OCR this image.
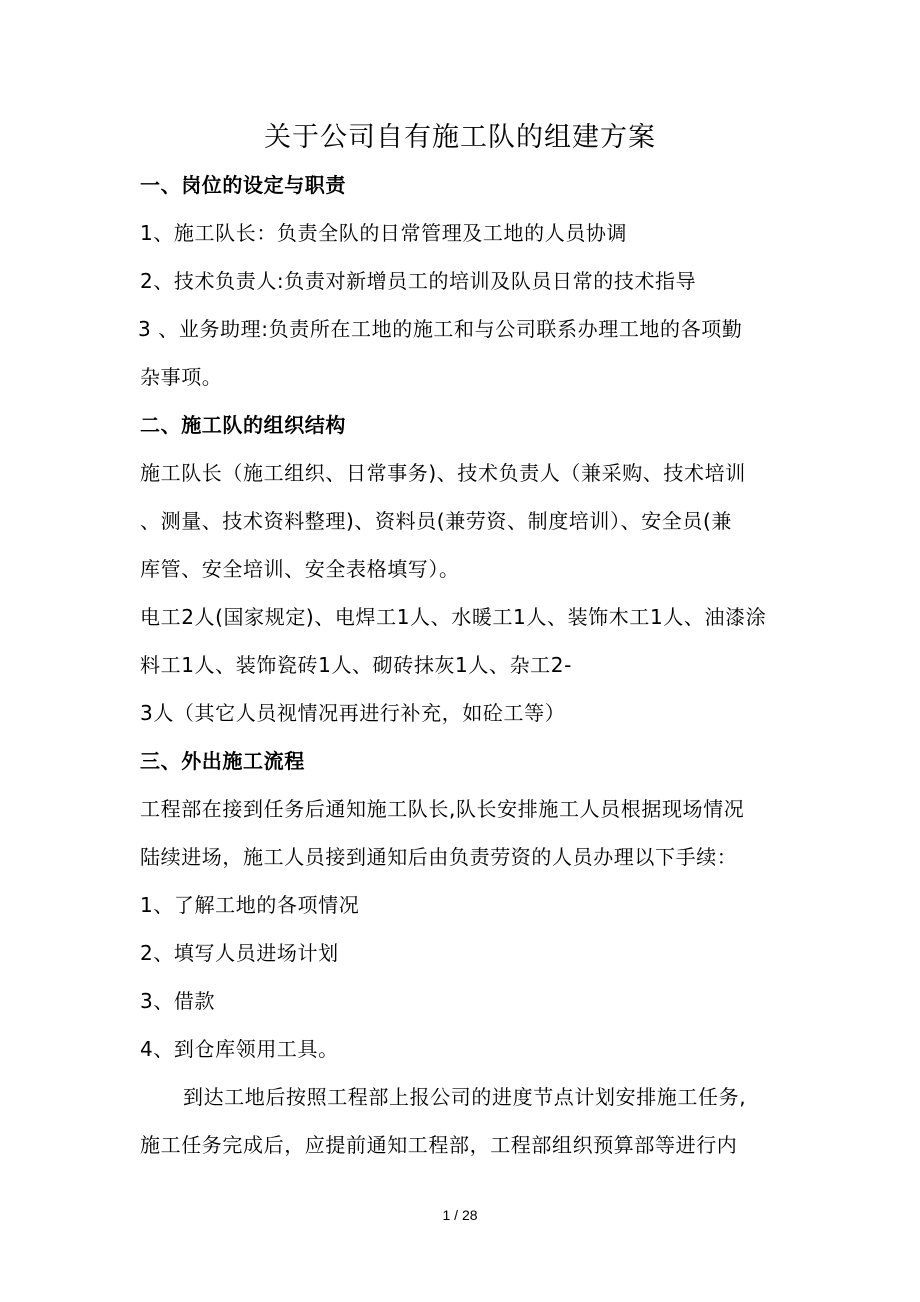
关于公司自有施工队的组建方案
一、岗位的设定与职责
1、施工队长：负责全队的日常管理及工地的人员协调
2、技术负责人:负责对新增员工的培训及队员日常的技术指导
3 、业务助理:负责所在工地的施工和与公司联系办理工地的各项勤
杂事项。
二、施工队的组织结构
施工队长（施工组织、日常事务)、技术负责人（兼采购、技术培训
、测量、技术资料整理)、资料员(兼劳资、制度培训）、安全员(兼
库管、安全培训、安全表格填写）。
电工2人(国家规定)、电焊工1人、水暖工1人、装饰木工1人、油漆涂
料工1人、装饰瓷砖1人、砌砖抹灰1人、杂工2-
3人（其它人员视情况再进行补充，如砼工等）
三、外出施工流程
工程部在接到任务后通知施工队长,队长安排施工人员根据现场情况
陆续进场，施工人员接到通知后由负责劳资的人员办理以下手续：
1、了解工地的各项情况
2、填写人员进场计划
3、借款
4、到仓库领用工具。
到达工地后按照工程部上报公司的进度节点计划安排施工任务,
施工任务完成后，应提前通知工程部，工程部组织预算部等进行内
1 / 28
